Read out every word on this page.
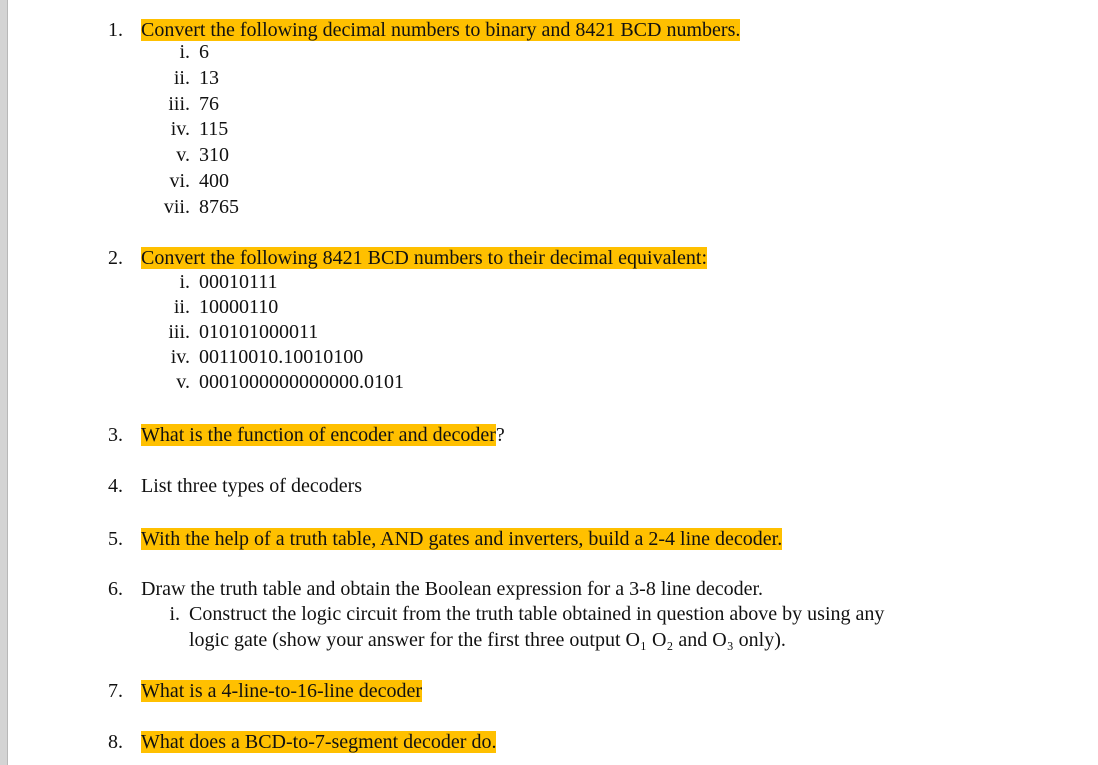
1. Convert the following decimal numbers to binary and 8421 BCD numbers.
i. 6
ii. 13
iii. 76
iv. 115
v. 310
vi. 400
vii. 8765
2. Convert the following 8421 BCD numbers to their decimal equivalent:
i. 00010111
ii. 10000110
iii. 010101000011
iv. 00110010.10010100
v. 0001000000000000.0101
3. What is the function of encoder and decoder?
4. List three types of decoders
5. With the help of a truth table, AND gates and inverters, build a 2-4 line decoder.
6. Draw the truth table and obtain the Boolean expression for a 3-8 line decoder.
i. Construct the logic circuit from the truth table obtained in question above by using any
logic gate (show your answer for the first three output O₁ O₂ and O₃ only).
7. What is a 4-line-to-16-line decoder
8. What does a BCD-to-7-segment decoder do.
